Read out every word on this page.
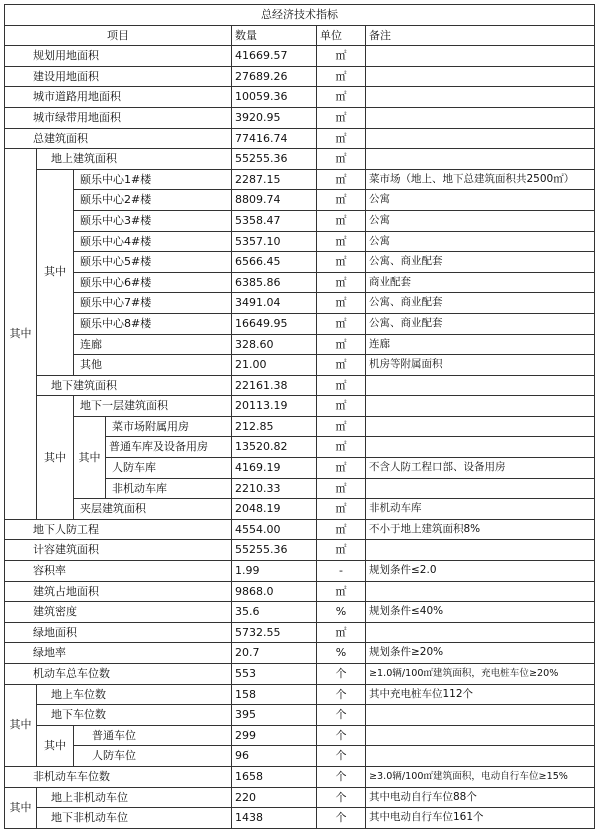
总经济技术指标						
项目				数量	单位	备注
规划用地面积				41669.57	㎡	
建设用地面积				27689.26	㎡	
城市道路用地面积				10059.36	㎡	
城市绿带用地面积				3920.95	㎡	
总建筑面积				77416.74	㎡	
其中	地上建筑面积			55255.36	㎡	
	其中	颐乐中心1#楼		2287.15	㎡	菜市场（地上、地下总建筑面积共2500㎡）
		颐乐中心2#楼		8809.74	㎡	公寓
		颐乐中心3#楼		5358.47	㎡	公寓
		颐乐中心4#楼		5357.10	㎡	公寓
		颐乐中心5#楼		6566.45	㎡	公寓、商业配套
		颐乐中心6#楼		6385.86	㎡	商业配套
		颐乐中心7#楼		3491.04	㎡	公寓、商业配套
		颐乐中心8#楼		16649.95	㎡	公寓、商业配套
		连廊		328.60	㎡	连廊
		其他		21.00	㎡	机房等附属面积
	地下建筑面积			22161.38	㎡	
	其中	地下一层建筑面积		20113.19	㎡	
		其中	菜市场附属用房	212.85	㎡	
			普通车库及设备用房	13520.82	㎡	
			人防车库	4169.19	㎡	不含人防工程口部、设备用房
			非机动车库	2210.33	㎡	
		夹层建筑面积		2048.19	㎡	非机动车库
地下人防工程				4554.00	㎡	不小于地上建筑面积8%
计容建筑面积				55255.36	㎡	
容积率				1.99	-	规划条件≤2.0
建筑占地面积				9868.0	㎡	
建筑密度				35.6	%	规划条件≤40%
绿地面积				5732.55	㎡	
绿地率				20.7	%	规划条件≥20%
机动车总车位数				553	个	≥1.0辆/100㎡建筑面积，充电桩车位≥20%
其中	地上车位数			158	个	其中充电桩车位112个
	地下车位数			395	个	
	其中	普通车位		299	个	
		人防车位		96	个	
非机动车车位数				1658	个	≥3.0辆/100㎡建筑面积，电动自行车位≥15%
其中	地上非机动车位			220	个	其中电动自行车位88个
	地下非机动车位			1438	个	其中电动自行车位161个
